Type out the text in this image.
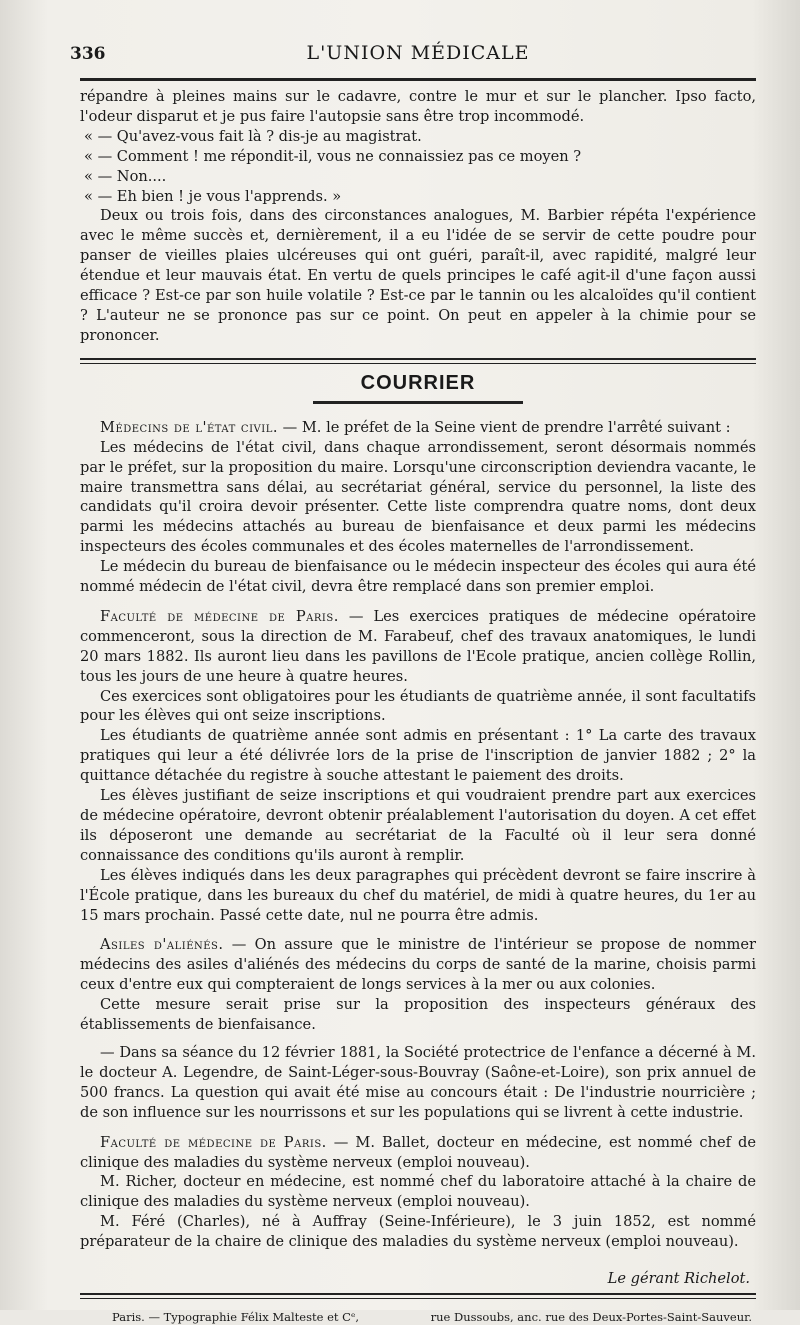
336	L'UNION MÉDICALE

répandre à pleines mains sur le cadavre, contre le mur et sur le plancher. Ipso facto, l'odeur disparut et je pus faire l'autopsie sans être trop incommodé.

« — Qu'avez-vous fait là ? dis-je au magistrat.

« — Comment ! me répondit-il, vous ne connaissiez pas ce moyen ?

« — Non....

« — Eh bien ! je vous l'apprends. »

Deux ou trois fois, dans des circonstances analogues, M. Barbier répéta l'expérience avec le même succès et, dernièrement, il a eu l'idée de se servir de cette poudre pour panser de vieilles plaies ulcéreuses qui ont guéri, paraît-il, avec rapidité, malgré leur étendue et leur mauvais état. En vertu de quels principes le café agit-il d'une façon aussi efficace ? Est-ce par son huile volatile ? Est-ce par le tannin ou les alcaloïdes qu'il contient ? L'auteur ne se prononce pas sur ce point. On peut en appeler à la chimie pour se prononcer.

COURRIER

Médecins de l'état civil. — M. le préfet de la Seine vient de prendre l'arrêté suivant :

Les médecins de l'état civil, dans chaque arrondissement, seront désormais nommés par le préfet, sur la proposition du maire. Lorsqu'une circonscription deviendra vacante, le maire transmettra sans délai, au secrétariat général, service du personnel, la liste des candidats qu'il croira devoir présenter. Cette liste comprendra quatre noms, dont deux parmi les médecins attachés au bureau de bienfaisance et deux parmi les médecins inspecteurs des écoles communales et des écoles maternelles de l'arrondissement.

Le médecin du bureau de bienfaisance ou le médecin inspecteur des écoles qui aura été nommé médecin de l'état civil, devra être remplacé dans son premier emploi.

Faculté de médecine de Paris. — Les exercices pratiques de médecine opératoire commenceront, sous la direction de M. Farabeuf, chef des travaux anatomiques, le lundi 20 mars 1882. Ils auront lieu dans les pavillons de l'Ecole pratique, ancien collège Rollin, tous les jours de une heure à quatre heures.

Ces exercices sont obligatoires pour les étudiants de quatrième année, il sont facultatifs pour les élèves qui ont seize inscriptions.

Les étudiants de quatrième année sont admis en présentant : 1° La carte des travaux pratiques qui leur a été délivrée lors de la prise de l'inscription de janvier 1882 ; 2° la quittance détachée du registre à souche attestant le paiement des droits.

Les élèves justifiant de seize inscriptions et qui voudraient prendre part aux exercices de médecine opératoire, devront obtenir préalablement l'autorisation du doyen. A cet effet ils déposeront une demande au secrétariat de la Faculté où il leur sera donné connaissance des conditions qu'ils auront à remplir.

Les élèves indiqués dans les deux paragraphes qui précèdent devront se faire inscrire à l'École pratique, dans les bureaux du chef du matériel, de midi à quatre heures, du 1er au 15 mars prochain. Passé cette date, nul ne pourra être admis.

Asiles d'aliénés. — On assure que le ministre de l'intérieur se propose de nommer médecins des asiles d'aliénés des médecins du corps de santé de la marine, choisis parmi ceux d'entre eux qui compteraient de longs services à la mer ou aux colonies.

Cette mesure serait prise sur la proposition des inspecteurs généraux des établissements de bienfaisance.

— Dans sa séance du 12 février 1881, la Société protectrice de l'enfance a décerné à M. le docteur A. Legendre, de Saint-Léger-sous-Bouvray (Saône-et-Loire), son prix annuel de 500 francs. La question qui avait été mise au concours était : De l'industrie nourricière ; de son influence sur les nourrissons et sur les populations qui se livrent à cette industrie.

Faculté de médecine de Paris. — M. Ballet, docteur en médecine, est nommé chef de clinique des maladies du système nerveux (emploi nouveau).

M. Richer, docteur en médecine, est nommé chef du laboratoire attaché à la chaire de clinique des maladies du système nerveux (emploi nouveau).

M. Féré (Charles), né à Auffray (Seine-Inférieure), le 3 juin 1852, est nommé préparateur de la chaire de clinique des maladies du système nerveux (emploi nouveau).

Le gérant Richelot.
Paris. — Typographie Félix Malteste et Cᵉ,	rue Dussoubs, anc. rue des Deux-Portes-Saint-Sauveur.
